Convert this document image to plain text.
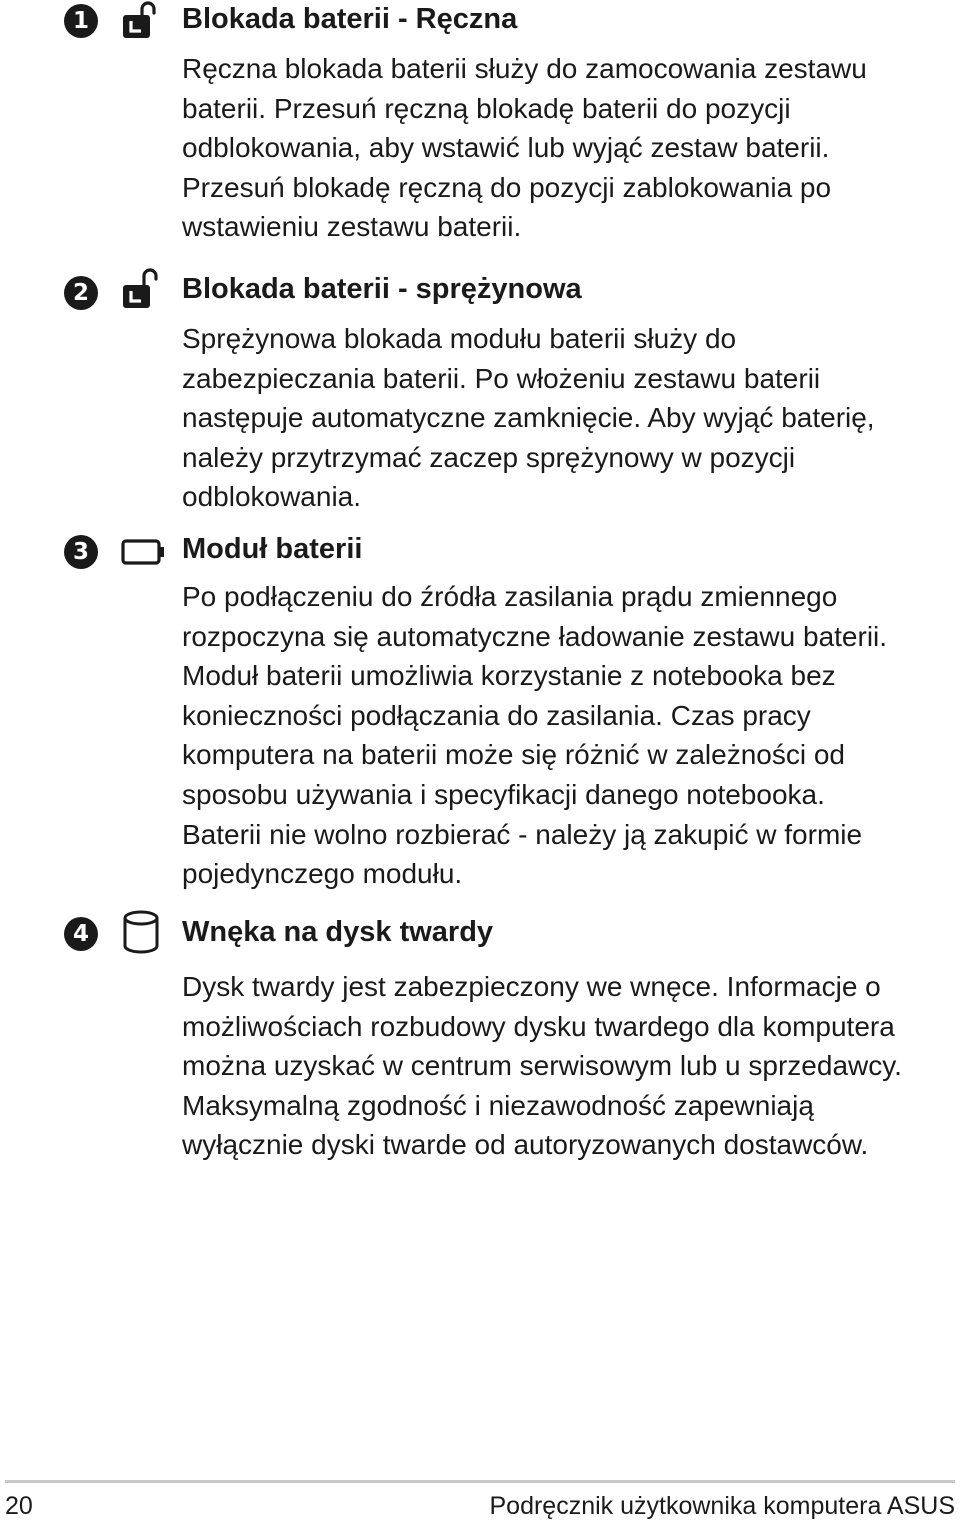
1	Blokada baterii - Ręczna
Ręczna blokada baterii służy do zamocowania zestawu
baterii. Przesuń ręczną blokadę baterii do pozycji
odblokowania, aby wstawić lub wyjąć zestaw baterii.
Przesuń blokadę ręczną do pozycji zablokowania po
wstawieniu zestawu baterii.
2	Blokada baterii - sprężynowa
Sprężynowa blokada modułu baterii służy do
zabezpieczania baterii. Po włożeniu zestawu baterii
następuje automatyczne zamknięcie. Aby wyjąć baterię,
należy przytrzymać zaczep sprężynowy w pozycji
odblokowania.
3	Moduł baterii
Po podłączeniu do źródła zasilania prądu zmiennego
rozpoczyna się automatyczne ładowanie zestawu baterii.
Moduł baterii umożliwia korzystanie z notebooka bez
konieczności podłączania do zasilania. Czas pracy
komputera na baterii może się różnić w zależności od
sposobu używania i specyfikacji danego notebooka.
Baterii nie wolno rozbierać - należy ją zakupić w formie
pojedynczego modułu.
4	Wnęka na dysk twardy
Dysk twardy jest zabezpieczony we wnęce. Informacje o
możliwościach rozbudowy dysku twardego dla komputera
można uzyskać w centrum serwisowym lub u sprzedawcy.
Maksymalną zgodność i niezawodność zapewniają
wyłącznie dyski twarde od autoryzowanych dostawców.
20	Podręcznik użytkownika komputera ASUS
